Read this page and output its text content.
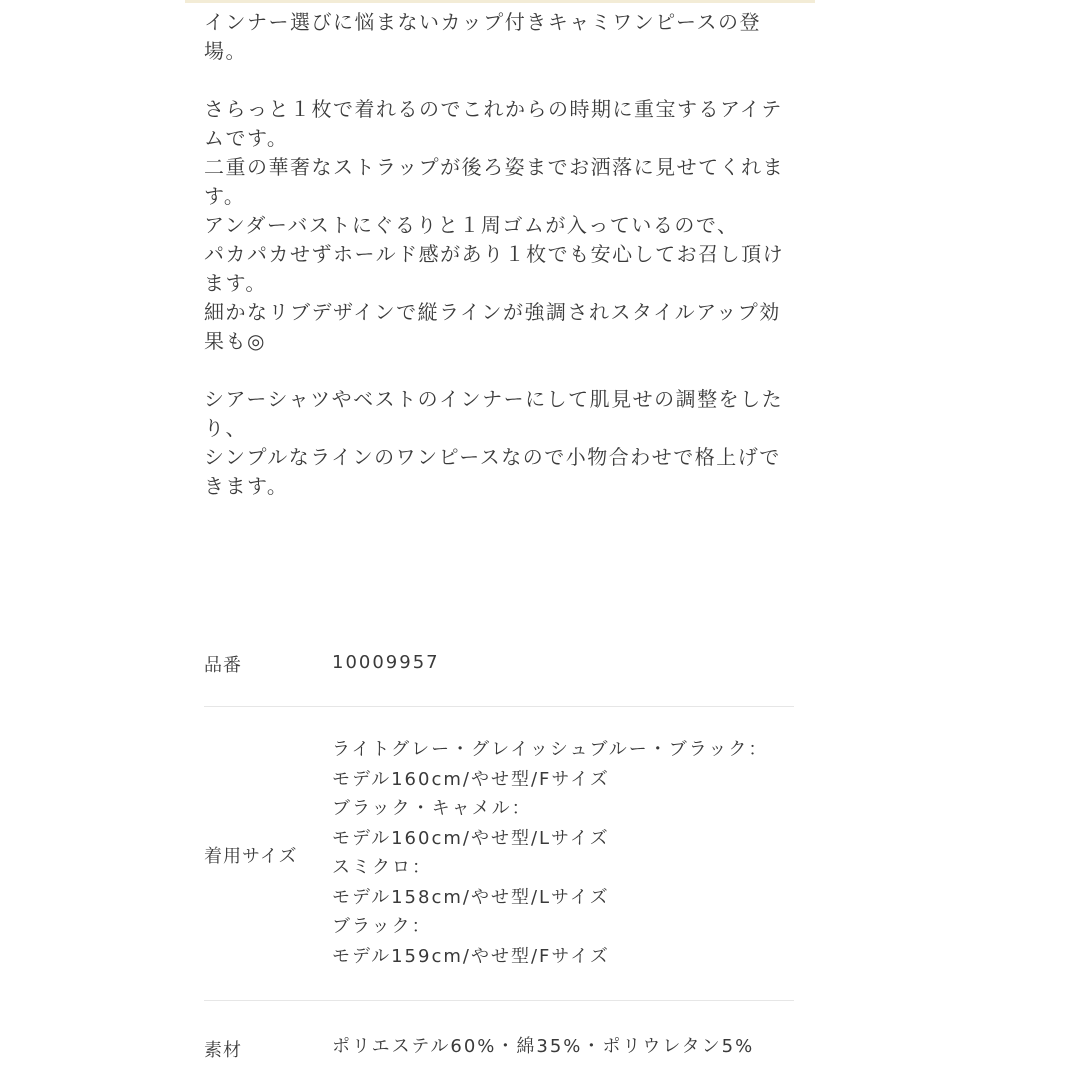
インナー選びに悩まないカップ付きキャミワンピースの登

場。

さらっと１枚で着れるのでこれからの時期に重宝するアイテ

ムです。

二重の華奢なストラップが後ろ姿までお洒落に見せてくれま

す。

アンダーバストにぐるりと１周ゴムが入っているので、

パカパカせずホールド感があり１枚でも安心してお召し頂け

ます。

細かなリブデザインで縦ラインが強調されスタイルアップ効

果も◎

シアーシャツやベストのインナーにして肌見せの調整をした

り、

シンプルなラインのワンピースなので小物合わせで格上げで

きます。

品番	10009957
着用サイズ

ライトグレー・グレイッシュブルー・ブラック：

モデル160cm/やせ型/Fサイズ

ブラック・キャメル：

モデル160cm/やせ型/Lサイズ

スミクロ：

モデル158cm/やせ型/Lサイズ

ブラック：

モデル159cm/やせ型/Fサイズ

素材	ポリエステル60%・綿35%・ポリウレタン5%
